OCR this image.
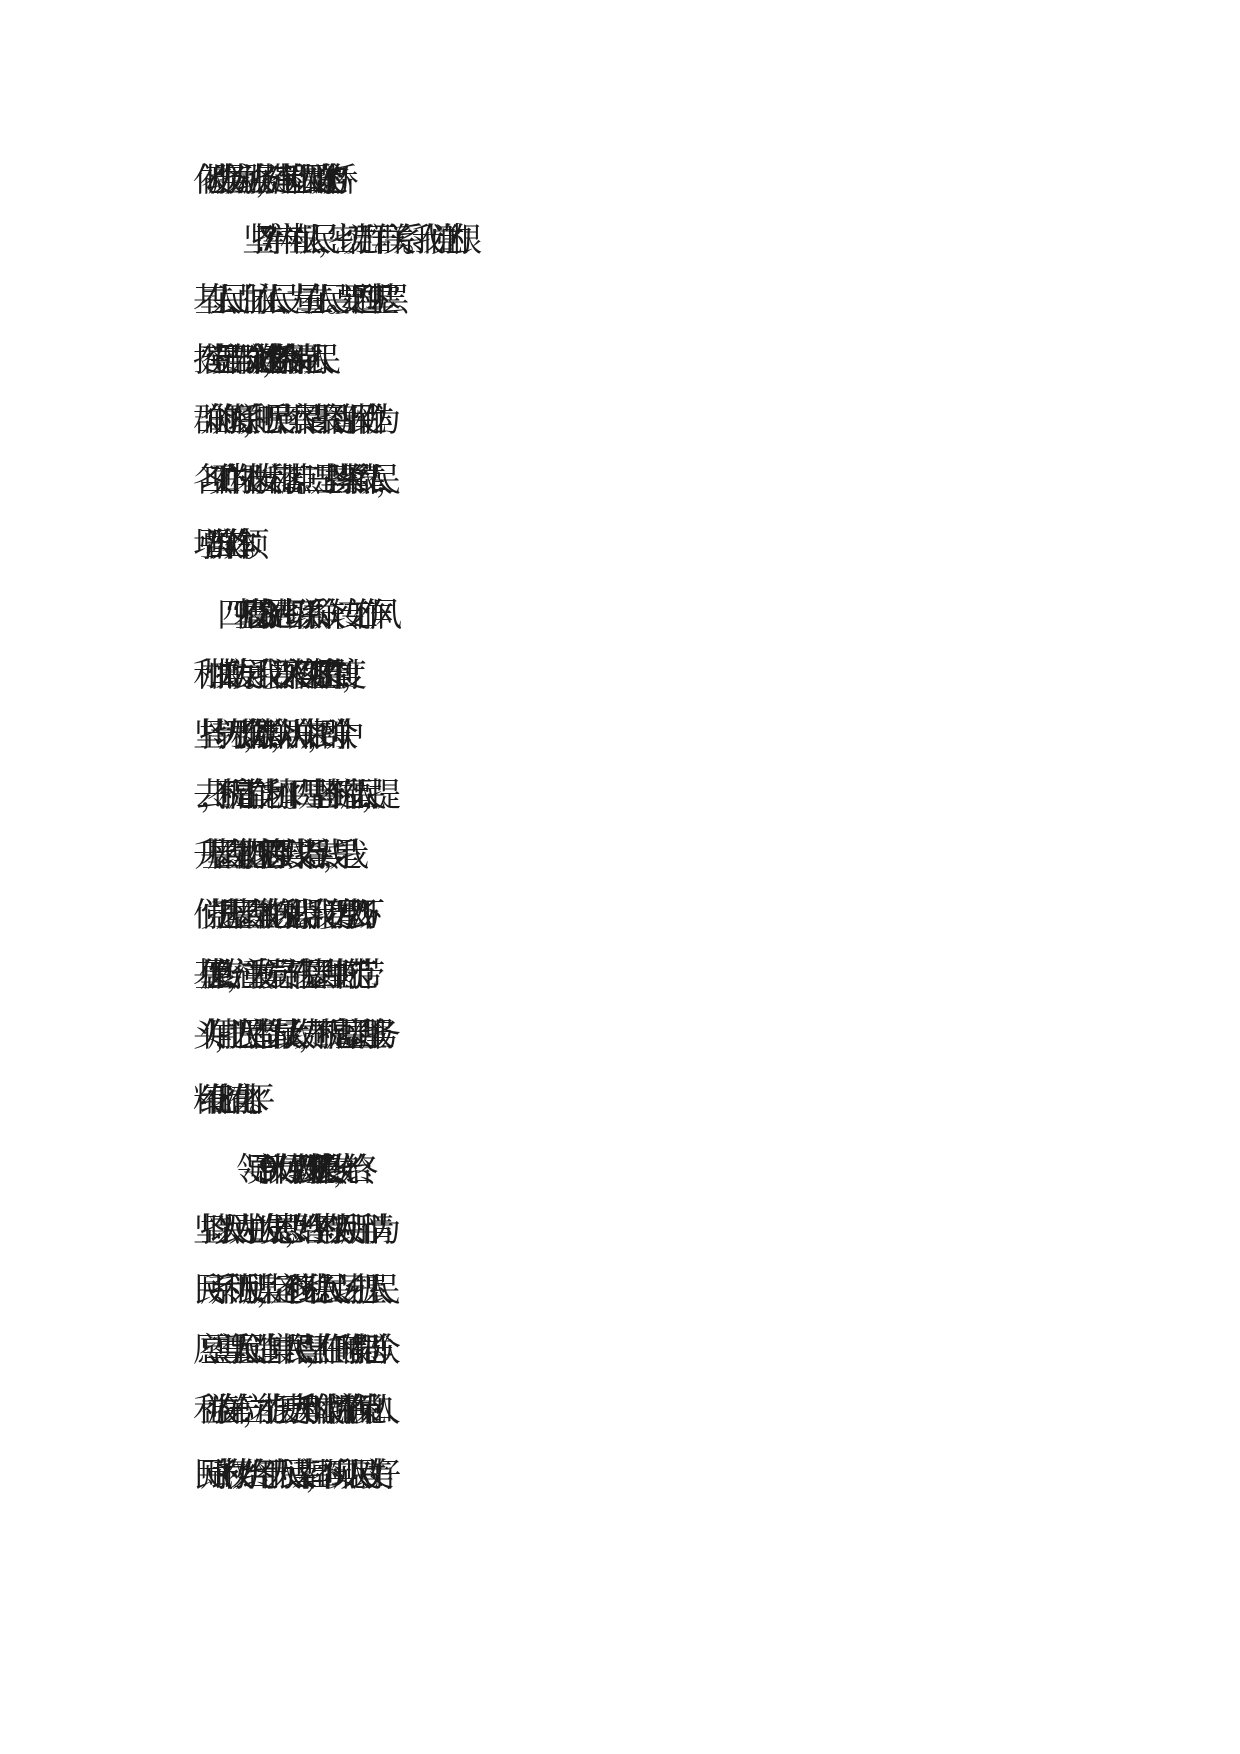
化被动服务为主动服务，搭建起党和人民群众的“连心桥”。
7.坚持牢牢植根人民，密切党群干群关系。我们党的根
基在人民、血脉在人民、力量在人民。要通过“四下基层”
搭建党员干部与群众之间的“连心桥”，始终保持党同人民
群众的血肉联系，把听民声、察民情、聚民智、解民忧作为
各项工作的根本出发点和落脚点。三是坚持紧紧依靠人民，
增强群众工作本领。
8. “四下基层”有力促进密切联系群众、转变工作作风
和加快推动发展。我们要深入落实“四下基层”工作制度，
坚持一切为了群众， 一切依靠群众，从群众中来，到群众中
去，不断提高工作能力和水平。四是坚持不断造福人民，提
升基层治理效能。“四下基层”源于实践又指导实践，是我
们党提升基层治理效能的锐利武器。我们要传承弘扬“四下
基层”优良传统，注重发挥党员干部在基层治理中的示范带
头作用，把为民造福作为最大政绩，不断提高基层治理服务
精细化、精准化水平。
9.领导干部大力传承弘扬“四下基层”优良传统，始终
坚持以人民为中心的发展思想，始终坚持权为民所用、情为
民所系、利为民所谋，坚定不移地站稳人民立场、把握人民
愿望、尊重人民创造、集中人民智慧，在任何时候都把群众
利益放在第一位，才能在历史大势和时代潮流中确保党和人
民赋予的权力始终用于为人民谋幸福，不断实现人民对美好
